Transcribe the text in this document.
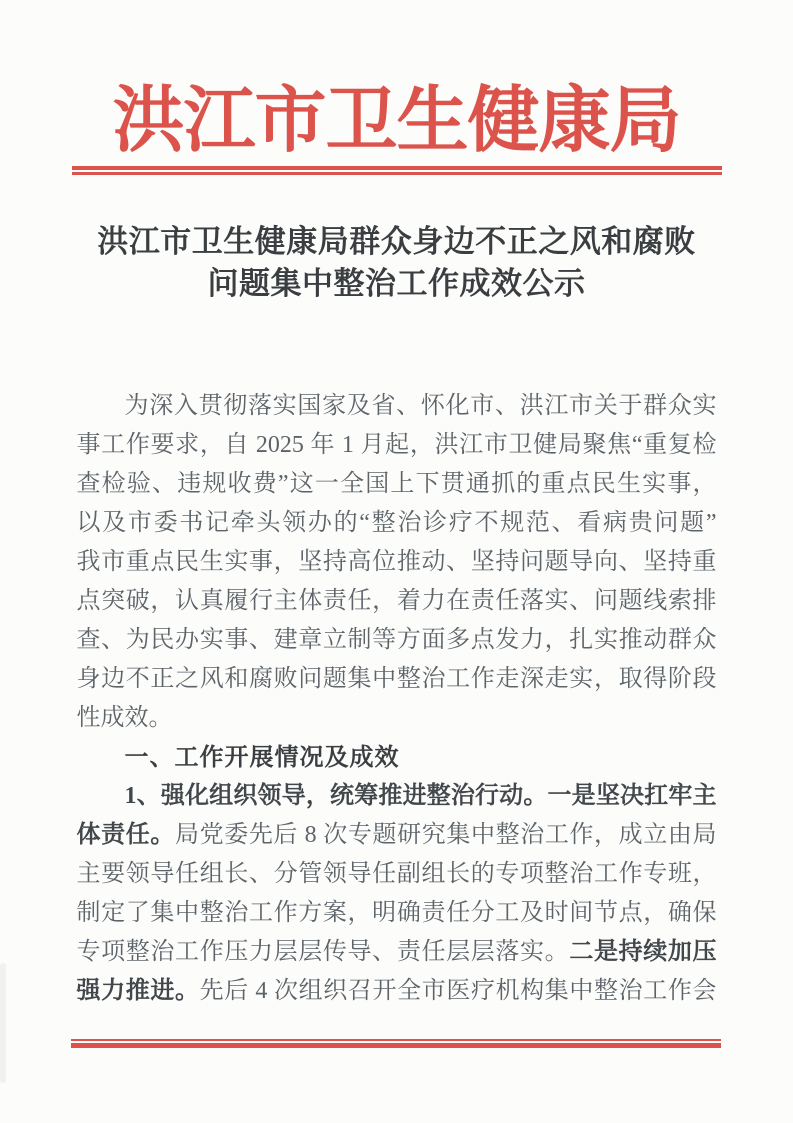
洪江市卫生健康局
洪江市卫生健康局群众身边不正之风和腐败
问题集中整治工作成效公示
为深入贯彻落实国家及省、怀化市、洪江市关于群众实
事工作要求，自 2025 年 1 月起，洪江市卫健局聚焦“重复检
查检验、违规收费”这一全国上下贯通抓的重点民生实事，
以及市委书记牵头领办的“整治诊疗不规范、看病贵问题”
我市重点民生实事，坚持高位推动、坚持问题导向、坚持重
点突破，认真履行主体责任，着力在责任落实、问题线索排
查、为民办实事、建章立制等方面多点发力，扎实推动群众
身边不正之风和腐败问题集中整治工作走深走实，取得阶段
性成效。
一、工作开展情况及成效
1、强化组织领导，统筹推进整治行动。一是坚决扛牢主
体责任。局党委先后 8 次专题研究集中整治工作，成立由局
主要领导任组长、分管领导任副组长的专项整治工作专班，
制定了集中整治工作方案，明确责任分工及时间节点，确保
专项整治工作压力层层传导、责任层层落实。二是持续加压
强力推进。先后 4 次组织召开全市医疗机构集中整治工作会
